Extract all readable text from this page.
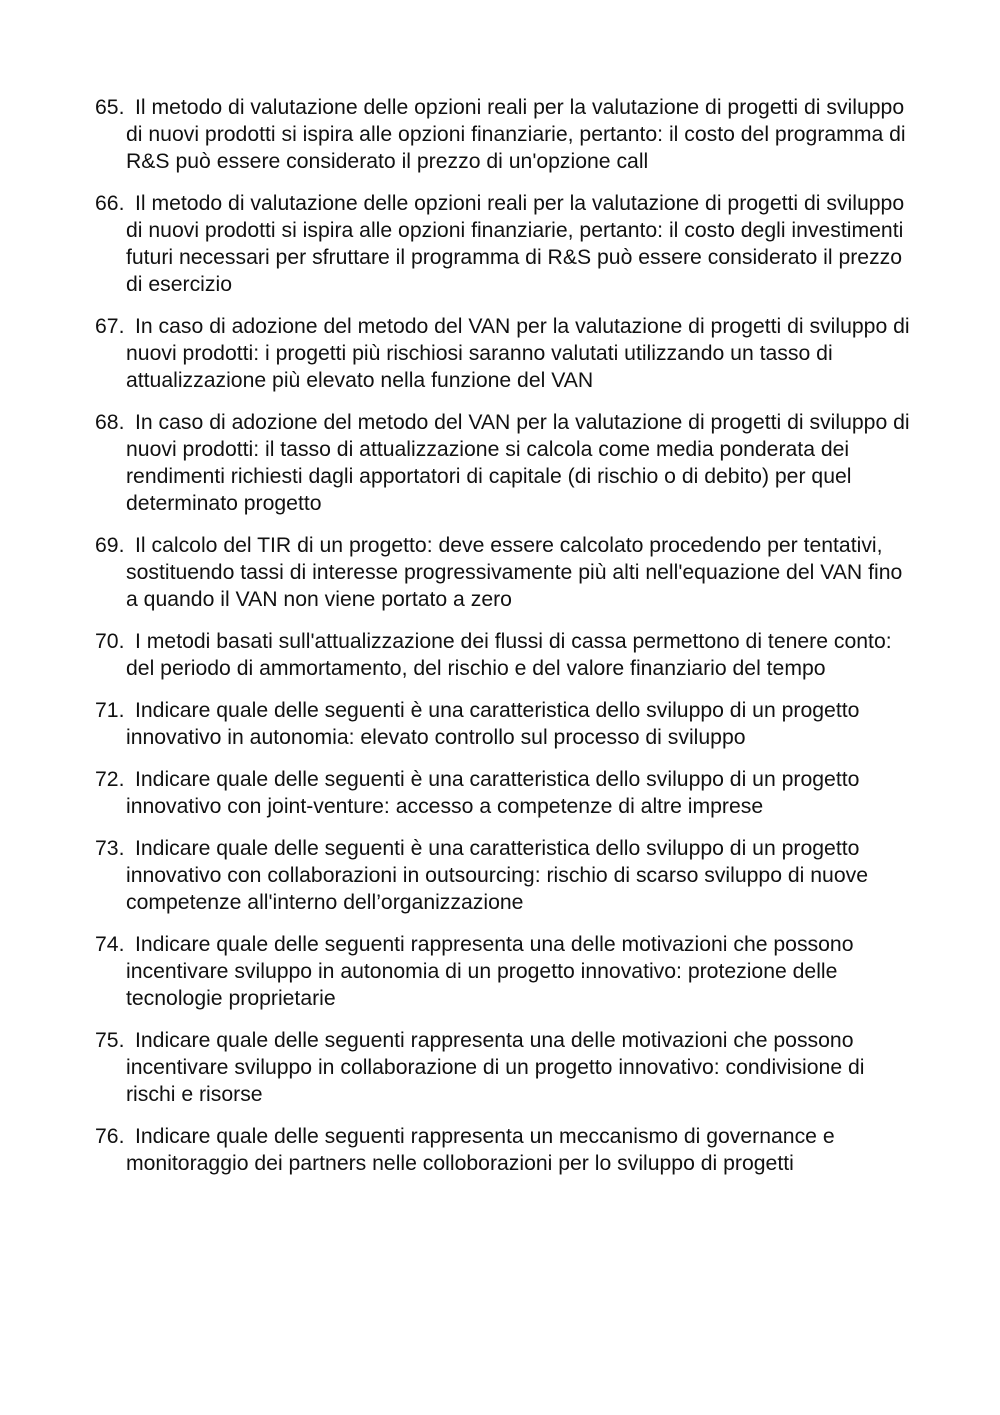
65 . Il metodo di valutazione delle opzioni reali per la valutazione di progetti di sviluppo di nuovi prodotti si ispira alle opzioni finanziarie, pertanto: il costo del programma di R&S può essere considerato il prezzo di un'opzione call
66 . Il metodo di valutazione delle opzioni reali per la valutazione di progetti di sviluppo di nuovi prodotti si ispira alle opzioni finanziarie, pertanto: il costo degli investimenti futuri necessari per sfruttare il programma di R&S può essere considerato il prezzo di esercizio
67 . In caso di adozione del metodo del VAN per la valutazione di progetti di sviluppo di nuovi prodotti: i progetti più rischiosi saranno valutati utilizzando un tasso di attualizzazione più elevato nella funzione del VAN
68 . In caso di adozione del metodo del VAN per la valutazione di progetti di sviluppo di nuovi prodotti: il tasso di attualizzazione si calcola come media ponderata dei rendimenti richiesti dagli apportatori di capitale (di rischio o di debito) per quel determinato progetto
69 . Il calcolo del TIR di un progetto: deve essere calcolato procedendo per tentativi, sostituendo tassi di interesse progressivamente più alti nell'equazione del VAN fino a quando il VAN non viene portato a zero
70 . I metodi basati sull'attualizzazione dei flussi di cassa permettono di tenere conto: del periodo di ammortamento, del rischio e del valore finanziario del tempo
71 . Indicare quale delle seguenti è una caratteristica dello sviluppo di un progetto innovativo in autonomia: elevato controllo sul processo di sviluppo
72 . Indicare quale delle seguenti è una caratteristica dello sviluppo di un progetto innovativo con joint-venture: accesso a competenze di altre imprese
73 . Indicare quale delle seguenti è una caratteristica dello sviluppo di un progetto innovativo con collaborazioni in outsourcing: rischio di scarso sviluppo di nuove competenze all'interno dell’organizzazione
74 . Indicare quale delle seguenti rappresenta una delle motivazioni che possono incentivare sviluppo in autonomia di un progetto innovativo: protezione delle tecnologie proprietarie
75 . Indicare quale delle seguenti rappresenta una delle motivazioni che possono incentivare sviluppo in collaborazione di un progetto innovativo: condivisione di rischi e risorse
76 . Indicare quale delle seguenti rappresenta un meccanismo di governance e monitoraggio dei partners nelle colloborazioni per lo sviluppo di progetti
